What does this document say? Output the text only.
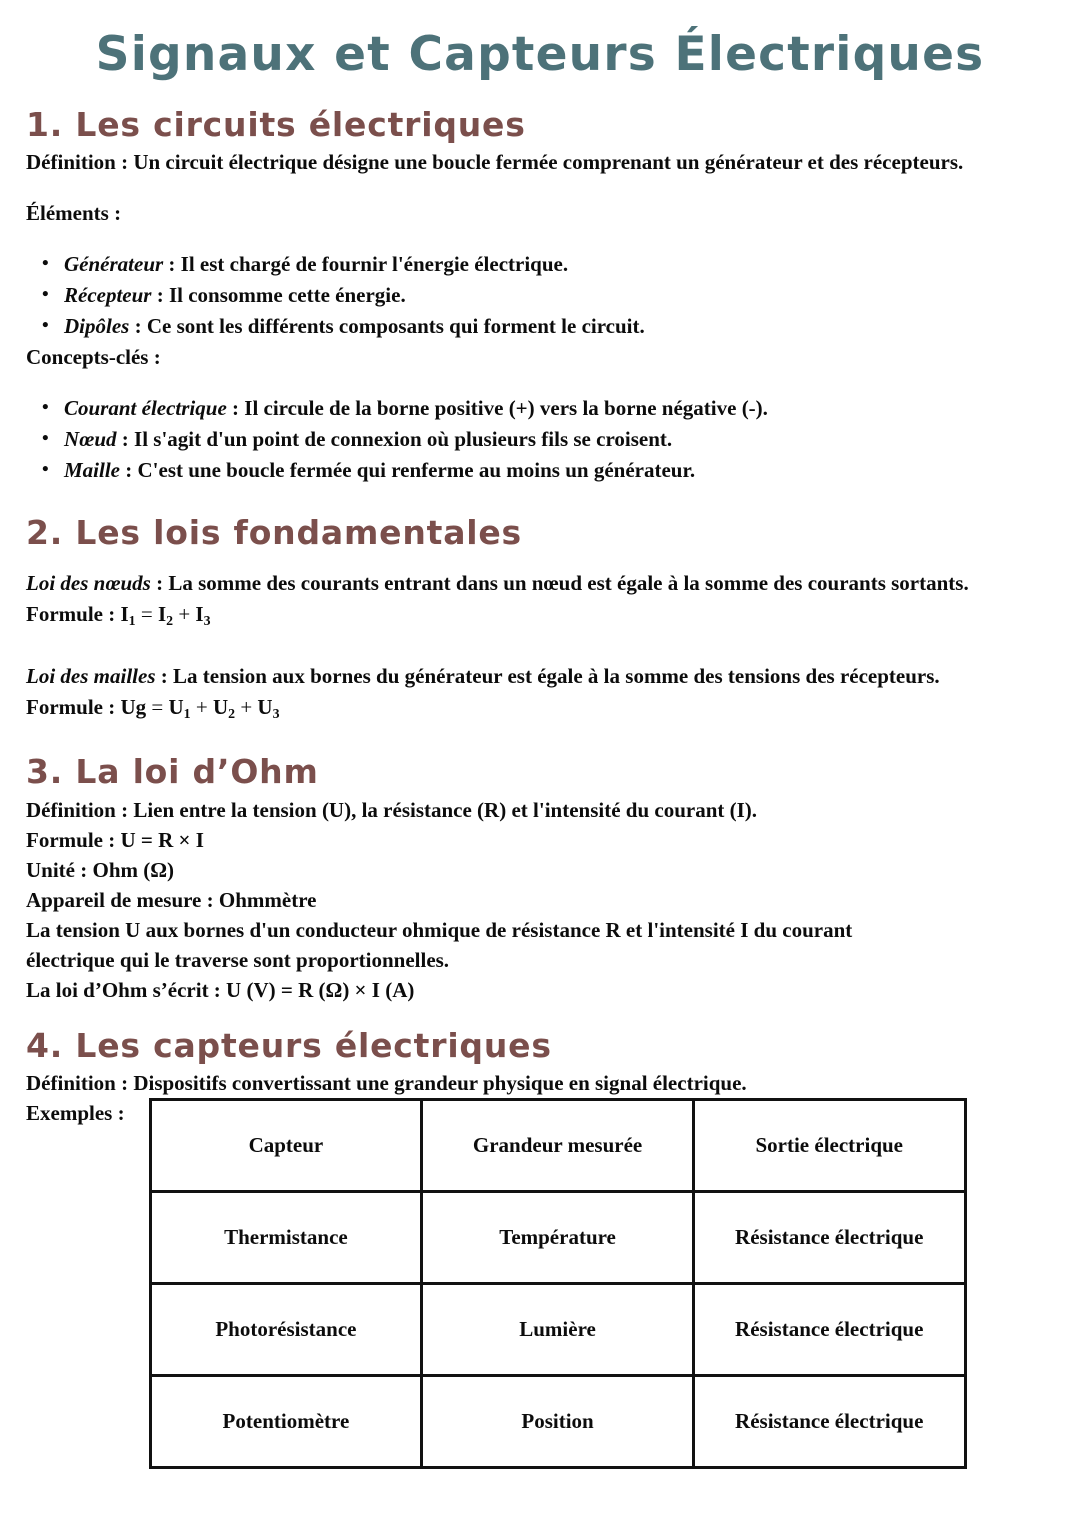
Signaux et Capteurs Électriques
1. Les circuits électriques

Définition : Un circuit électrique désigne une boucle fermée comprenant un générateur et des récepteurs.

Éléments :

• Générateur : Il est chargé de fournir l'énergie électrique.
• Récepteur : Il consomme cette énergie.
• Dipôles : Ce sont les différents composants qui forment le circuit.

Concepts-clés :

• Courant électrique : Il circule de la borne positive (+) vers la borne négative (-).
• Nœud : Il s'agit d'un point de connexion où plusieurs fils se croisent.
• Maille : C'est une boucle fermée qui renferme au moins un générateur.
2. Les lois fondamentales

Loi des nœuds : La somme des courants entrant dans un nœud est égale à la somme des courants sortants.

Formule : $I_1 = I_2 + I_3$

Loi des mailles : La tension aux bornes du générateur est égale à la somme des tensions des récepteurs.

Formule : $Ug = U_1 + U_2 + U_3$

3. La loi d’Ohm

Définition : Lien entre la tension (U), la résistance (R) et l'intensité du courant (I).

Formule : U = R × I

Unité : Ohm (Ω)

Appareil de mesure : Ohmmètre

La tension U aux bornes d'un conducteur ohmique de résistance R et l'intensité I du courant

électrique qui le traverse sont proportionnelles.

La loi d’Ohm s’écrit : U (V) = R (Ω) × I (A)

4. Les capteurs électriques

Définition : Dispositifs convertissant une grandeur physique en signal électrique.

Exemples :
Capteur	Grandeur mesurée	Sortie électrique
Thermistance	Température	Résistance électrique
Photorésistance	Lumière	Résistance électrique
Potentiomètre	Position	Résistance électrique
